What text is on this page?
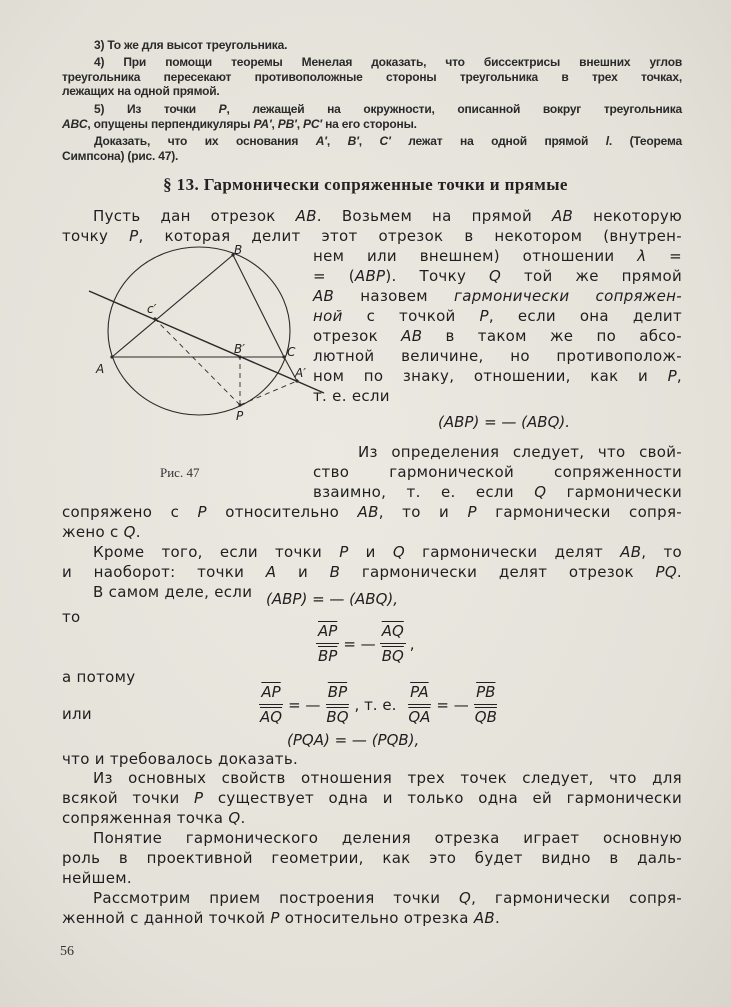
3) То же для высот треугольника.
4) При помощи теоремы Менелая доказать, что биссектрисы внешних углов
треугольника пересекают противоположные стороны треугольника в трех точках,
лежащих на одной прямой.
5) Из точки P, лежащей на окружности, описанной вокруг треугольника
ABC, опущены перпендикуляры PA′, PB′, PC′ на его стороны.
Доказать, что их основания A′, B′, C′ лежат на одной прямой l. (Теорема
Симпсона) (рис. 47).
§ 13. Гармонически сопряженные точки и прямые
Пусть дан отрезок AB. Возьмем на прямой AB некоторую
точку P, которая делит этот отрезок в некотором (внутрен-
нем или внешнем) отношении λ =
= (ABP). Точку Q той же прямой
AB назовем гармонически сопряжен-
ной с точкой P, если она делит
отрезок AB в таком же по абсо-
лютной величине, но противополож-
ном по знаку, отношении, как и P,
т. е. если
Из определения следует, что свой-
ство гармонической сопряженности
взаимно, т. е. если Q гармонически
сопряжено с P относительно AB, то и P гармонически сопря-
жено с Q.
Кроме того, если точки P и Q гармонически делят AB, то
и наоборот: точки A и B гармонически делят отрезок PQ.
В самом деле, если
то
а потому
или
что и требовалось доказать.
Из основных свойств отношения трех точек следует, что для
всякой точки P существует одна и только одна ей гармонически
сопряженная точка Q.
Понятие гармонического деления отрезка играет основную
роль в проективной геометрии, как это будет видно в даль-
нейшем.
Рассмотрим прием построения точки Q, гармонически сопря-
женной с данной точкой P относительно отрезка AB.
A
B
C
A′
B′
c′
P
Рис. 47
(ABP) = — (ABQ).
(ABP) = — (ABQ),
$\frac{\overline{AP}}{BP}$ = — $\frac{\overline{AQ}}{BQ}$ ,
$\frac{\overline{AP}}{AQ}$ = — $\frac{\overline{BP}}{BQ}$ , т. е. $\frac{\overline{PA}}{QA}$ = — $\frac{\overline{PB}}{QB}$
(PQA) = — (PQB),
56
